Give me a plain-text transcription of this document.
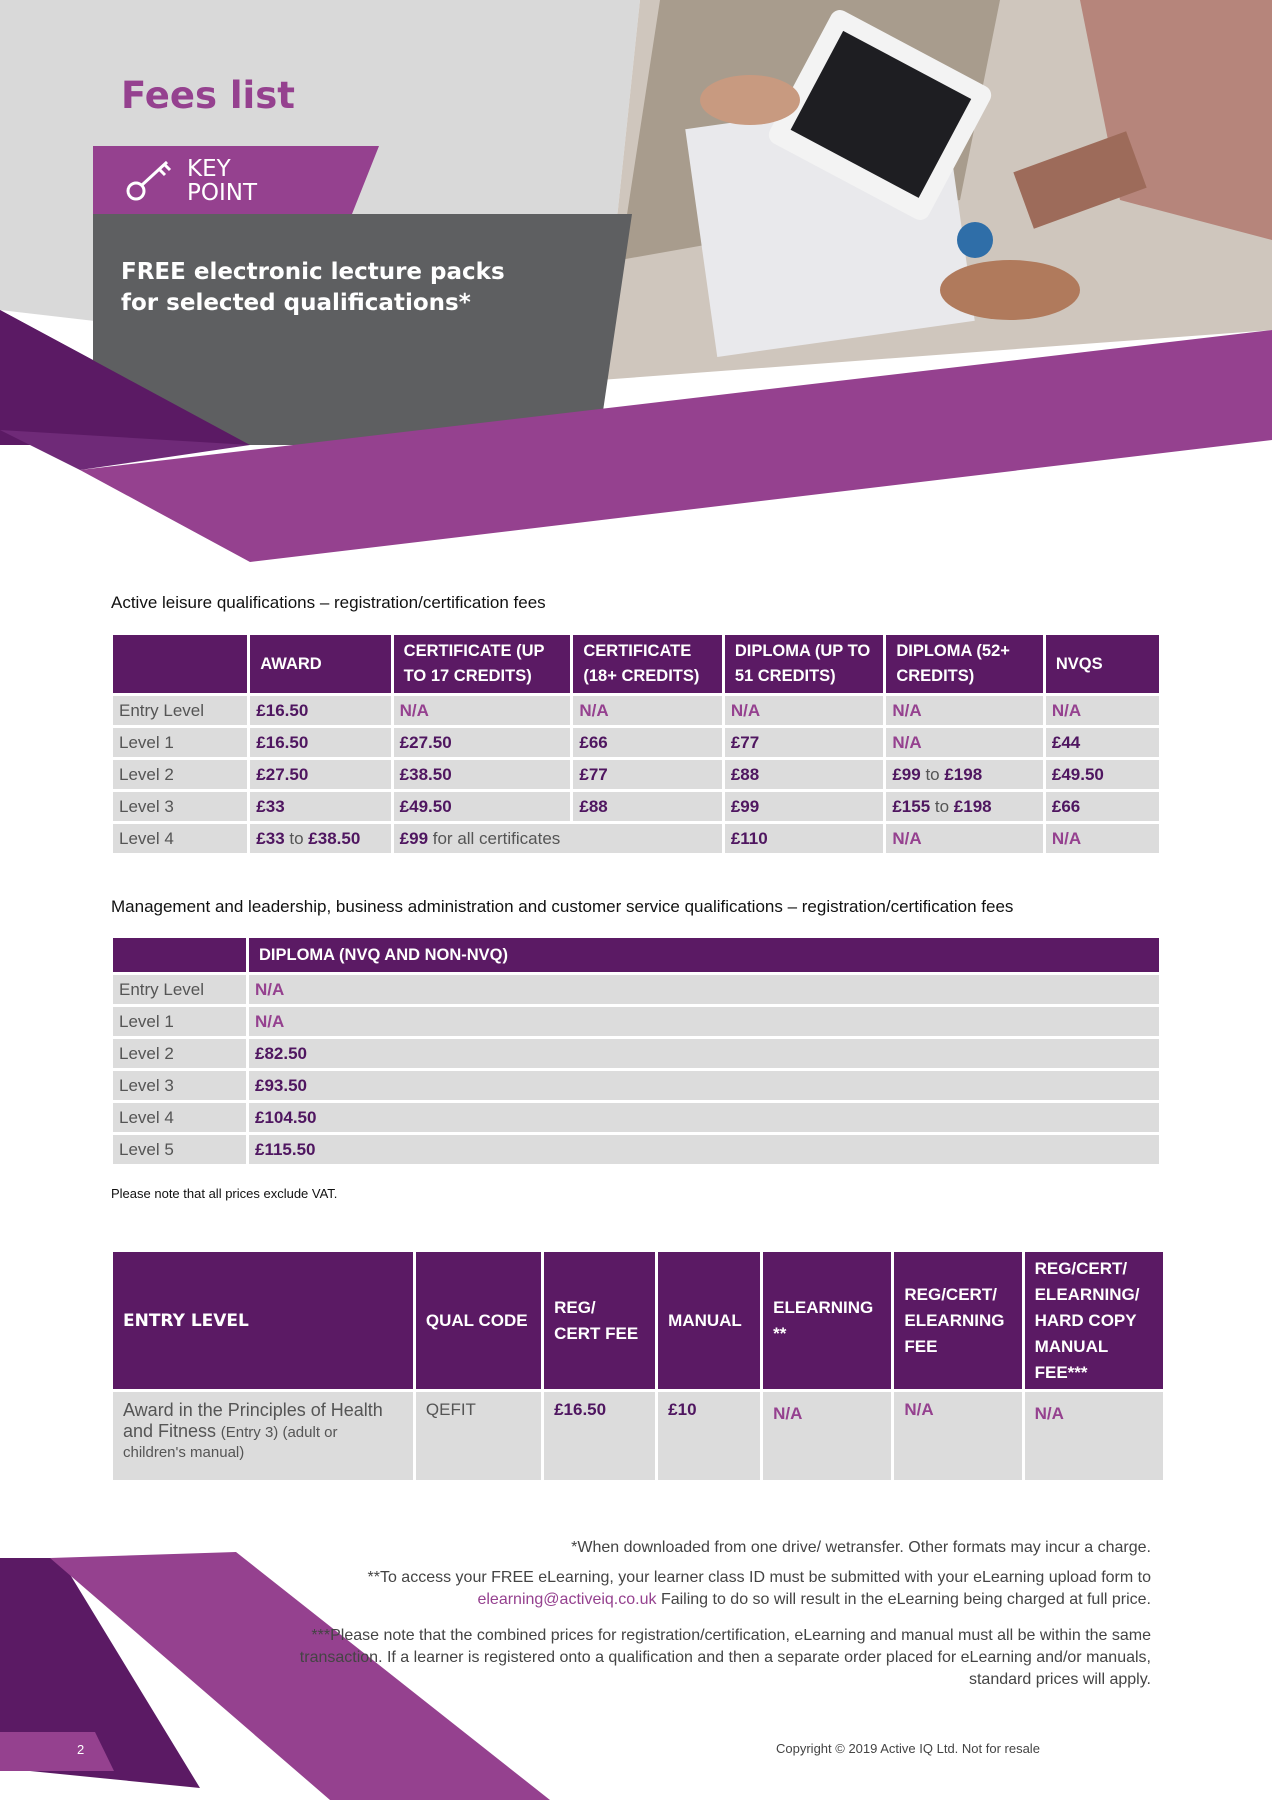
Fees list
KEY
POINT
FREE electronic lecture packs
for selected qualifications*
Active leisure qualifications – registration/certification fees
	AWARD	CERTIFICATE (UP TO 17 CREDITS)	CERTIFICATE (18+ CREDITS)	DIPLOMA (UP TO 51 CREDITS)	DIPLOMA (52+ CREDITS)	NVQS
Entry Level	£16.50	N/A	N/A	N/A	N/A	N/A
Level 1	£16.50	£27.50	£66	£77	N/A	£44
Level 2	£27.50	£38.50	£77	£88	£99 to £198	£49.50
Level 3	£33	£49.50	£88	£99	£155 to £198	£66
Level 4	£33 to £38.50	£99 for all certificates		£110	N/A	N/A
Management and leadership, business administration and customer service qualifications – registration/certification fees
	DIPLOMA (NVQ AND NON-NVQ)
Entry Level	N/A
Level 1	N/A
Level 2	£82.50
Level 3	£93.50
Level 4	£104.50
Level 5	£115.50
Please note that all prices exclude VAT.
ENTRY LEVEL	QUAL CODE	REG/ CERT FEE	MANUAL	ELEARNING **	REG/CERT/ ELEARNING FEE	REG/CERT/ ELEARNING/ HARD COPY MANUAL FEE***
Award in the Principles of Health and Fitness (Entry 3) (adult or children's manual)	QEFIT	£16.50	£10	N/A	N/A	N/A

*When downloaded from one drive/ wetransfer. Other formats may incur a charge.

**To access your FREE eLearning, your learner class ID must be submitted with your eLearning upload form to elearning@activeiq.co.uk Failing to do so will result in the eLearning being charged at full price.

***Please note that the combined prices for registration/certification, eLearning and manual must all be within the same transaction. If a learner is registered onto a qualification and then a separate order placed for eLearning and/or manuals, standard prices will apply.

2	Copyright © 2019 Active IQ Ltd. Not for resale
